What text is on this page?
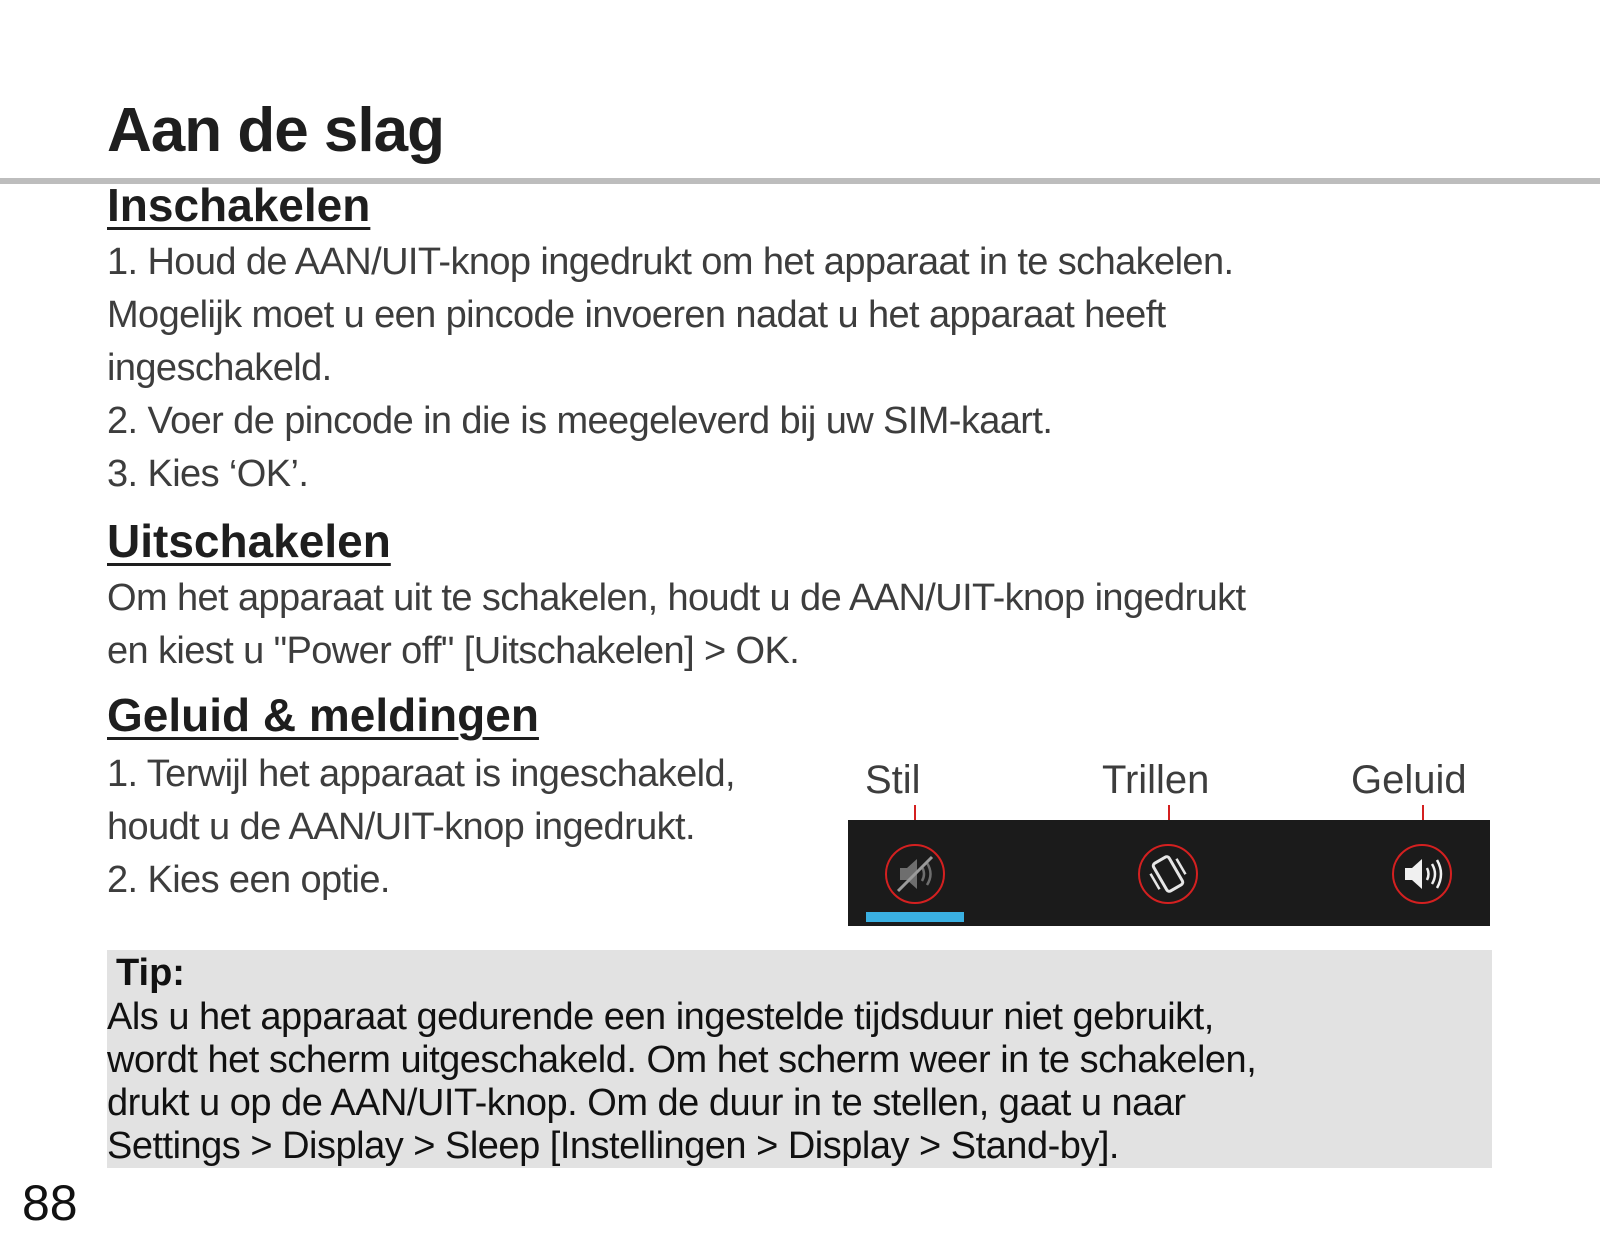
Aan de slag
Inschakelen

1. Houd de AAN/UIT-knop ingedrukt om het apparaat in te schakelen.
Mogelijk moet u een pincode invoeren nadat u het apparaat heeft
ingeschakeld.
2. Voer de pincode in die is meegeleverd bij uw SIM-kaart.
3. Kies ‘OK’.

Uitschakelen

Om het apparaat uit te schakelen, houdt u de AAN/UIT-knop ingedrukt
en kiest u "Power off" [Uitschakelen] > OK.

Geluid & meldingen

1. Terwijl het apparaat is ingeschakeld,
houdt u de AAN/UIT-knop ingedrukt.
2. Kies een optie.

Stil	Trillen	Geluid
Tip:

Als u het apparaat gedurende een ingestelde tijdsduur niet gebruikt,
wordt het scherm uitgeschakeld. Om het scherm weer in te schakelen,
drukt u op de AAN/UIT-knop. Om de duur in te stellen, gaat u naar
Settings > Display > Sleep [Instellingen > Display > Stand-by].

88
